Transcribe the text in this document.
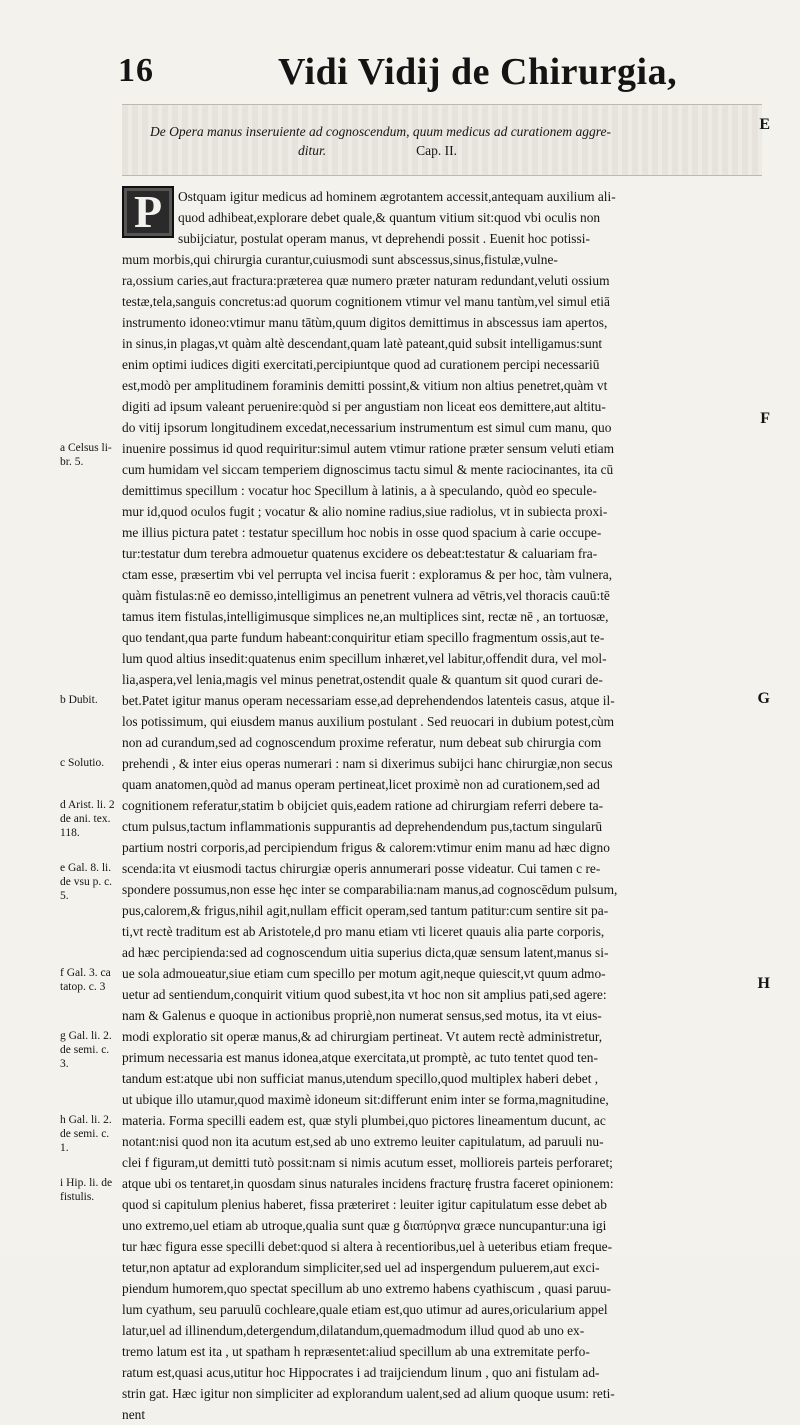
16	Vidi Vidij de Chirurgia,
De Opera manus inseruiente ad cognoscendum, quum medicus ad curationem aggre-
ditur.	Cap. II.
P	Ostquam igitur medicus ad hominem ægrotantem accessit,antequam auxilium ali-
quod adhibeat,explorare debet quale,& quantum vitium sit:quod vbi oculis non
subijciatur, postulat operam manus, vt deprehendi possit . Euenit hoc potissi-
mum morbis,qui chirurgia curantur,cuiusmodi sunt abscessus,sinus,fistulæ,vulne-
ra,ossium caries,aut fractura:præterea quæ numero præter naturam redundant,veluti ossium
testæ,tela,sanguis concretus:ad quorum cognitionem vtimur vel manu tantùm,vel simul etiā
instrumento idoneo:vtimur manu tātùm,quum digitos demittimus in abscessus iam apertos,
in sinus,in plagas,vt quàm altè descendant,quam latè pateant,quid subsit intelligamus:sunt
enim optimi iudices digiti exercitati,percipiuntque quod ad curationem percipi necessariū
est,modò per amplitudinem foraminis demitti possint,& vitium non altius penetret,quàm vt
digiti ad ipsum valeant peruenire:quòd si per angustiam non liceat eos demittere,aut altitu-
do vitij ipsorum longitudinem excedat,necessarium instrumentum est simul cum manu, quo
inuenire possimus id quod requiritur:simul autem vtimur ratione præter sensum veluti etiam
cum humidam vel siccam temperiem dignoscimus tactu simul & mente raciocinantes, ita cū
demittimus specillum : vocatur hoc Specillum à latinis, a à speculando, quòd eo specule-
mur id,quod oculos fugit ; vocatur & alio nomine radius,siue radiolus, vt in subiecta proxi-
me illius pictura patet : testatur specillum hoc nobis in osse quod spacium à carie occupe-
tur:testatur dum terebra admouetur quatenus excidere os debeat:testatur & caluariam fra-
ctam esse, præsertim vbi vel perrupta vel incisa fuerit : exploramus & per hoc, tàm vulnera,
quàm fistulas:nē eo demisso,intelligimus an penetrent vulnera ad vētris,vel thoracis cauū:tē
tamus item fistulas,intelligimusque simplices ne,an multiplices sint, rectæ nē , an tortuosæ,
quo tendant,qua parte fundum habeant:conquiritur etiam specillo fragmentum ossis,aut te-
lum quod altius insedit:quatenus enim specillum inhæret,vel labitur,offendit dura, vel mol-
lia,aspera,vel lenia,magis vel minus penetrat,ostendit quale & quantum sit quod curari de-
bet.Patet igitur manus operam necessariam esse,ad deprehendendos latenteis casus, atque il-
los potissimum, qui eiusdem manus auxilium postulant . Sed reuocari in dubium potest,cùm
non ad curandum,sed ad cognoscendum proxime referatur, num debeat sub chirurgia com
prehendi , & inter eius operas numerari : nam si dixerimus subijci hanc chirurgiæ,non secus
quam anatomen,quòd ad manus operam pertineat,licet proximè non ad curationem,sed ad
cognitionem referatur,statim b obijciet quis,eadem ratione ad chirurgiam referri debere ta-
ctum pulsus,tactum inflammationis suppurantis ad deprehendendum pus,tactum singularū
partium nostri corporis,ad percipiendum frigus & calorem:vtimur enim manu ad hæc digno
scenda:ita vt eiusmodi tactus chirurgiæ operis annumerari posse videatur. Cui tamen c re-
spondere possumus,non esse hęc inter se comparabilia:nam manus,ad cognoscēdum pulsum,
pus,calorem,& frigus,nihil agit,nullam efficit operam,sed tantum patitur:cum sentire sit pa-
ti,vt rectè traditum est ab Aristotele,d pro manu etiam vti liceret quauis alia parte corporis,
ad hæc percipienda:sed ad cognoscendum uitia superius dicta,quæ sensum latent,manus si-
ue sola admoueatur,siue etiam cum specillo per motum agit,neque quiescit,vt quum admo-
uetur ad sentiendum,conquirit vitium quod subest,ita vt hoc non sit amplius pati,sed agere:
nam & Galenus e quoque in actionibus propriè,non numerat sensus,sed motus, ita vt eius-
modi exploratio sit operæ manus,& ad chirurgiam pertineat. Vt autem rectè administretur,
primum necessaria est manus idonea,atque exercitata,ut promptè, ac tuto tentet quod ten-
tandum est:atque ubi non sufficiat manus,utendum specillo,quod multiplex haberi debet ,
ut ubique illo utamur,quod maximè idoneum sit:differunt enim inter se forma,magnitudine,
materia. Forma specilli eadem est, quæ styli plumbei,quo pictores lineamentum ducunt, ac
notant:nisi quod non ita acutum est,sed ab uno extremo leuiter capitulatum, ad paruuli nu-
clei f figuram,ut demitti tutò possit:nam si nimis acutum esset, mollioreis parteis perforaret;
atque ubi os tentaret,in quosdam sinus naturales incidens fracturę frustra faceret opinionem:
quod si capitulum plenius haberet, fissa præteriret : leuiter igitur capitulatum esse debet ab
uno extremo,uel etiam ab utroque,qualia sunt quæ g διαπύρηνα græce nuncupantur:una igi
tur hæc figura esse specilli debet:quod si altera à recentioribus,uel à ueteribus etiam freque-
tetur,non aptatur ad explorandum simpliciter,sed uel ad inspergendum puluerem,aut exci-
piendum humorem,quo spectat specillum ab uno extremo habens cyathiscum , quasi paruu-
lum cyathum, seu paruulū cochleare,quale etiam est,quo utimur ad aures,oricularium appel
latur,uel ad illinendum,detergendum,dilatandum,quemadmodum illud quod ab uno ex-
tremo latum est ita , ut spatham h repræsentet:aliud specillum ab una extremitate perfo-
ratum est,quasi acus,utitur hoc Hippocrates i ad traijciendum linum , quo ani fistulam ad-
strin gat. Hæc igitur non simpliciter ad explorandum ualent,sed ad alium quoque usum: reti-
nent
a Celsus li-
br. 5.
b Dubit.
c Solutio.
d Arist. li. 2
de ani. tex.
118.
e Gal. 8. li.
de vsu p. c.
5.
f Gal. 3. ca
tatop. c. 3
g Gal. li. 2.
de semi. c.
3.
h Gal. li. 2.
de semi. c.
1.
i Hip. li. de
fistulis.
E
F
G
H
